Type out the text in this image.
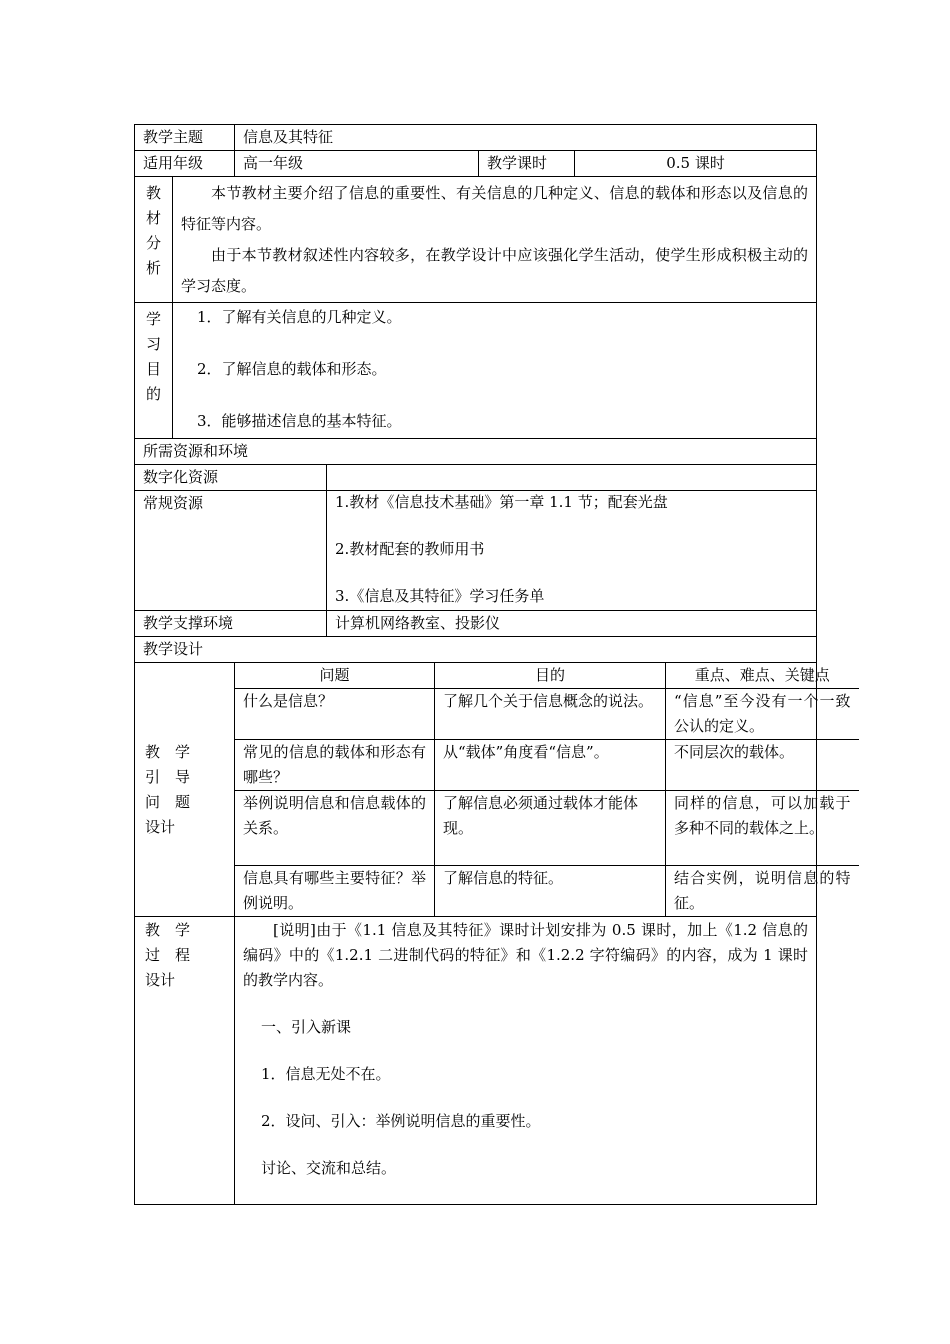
教学主题	信息及其特征
适用年级	高一年级	教学课时	0.5 课时

教
材
分
析

本节教材主要介绍了信息的重要性、有关信息的几种定义、信息的载体和形态以及信息的特征等内容。

由于本节教材叙述性内容较多，在教学设计中应该强化学生活动，使学生形成积极主动的学习态度。

学
习
目
的

1．了解有关信息的几种定义。

2．了解信息的载体和形态。

3．能够描述信息的基本特征。

所需资源和环境
数字化资源	
常规资源	1.教材《信息技术基础》第一章 1.1 节；配套光盘

2.教材配套的教师用书

3.《信息及其特征》学习任务单

教学支撑环境	计算机网络教室、投影仪
教学设计

教　学

引　导

问　题

设计

问题	目的	重点、难点、关键点
什么是信息？	了解几个关于信息概念的说法。	“信息”至今没有一个一致公认的定义。
常见的信息的载体和形态有哪些？	从“载体”角度看“信息”。	不同层次的载体。
举例说明信息和信息载体的关系。	了解信息必须通过载体才能体现。	同样的信息，可以加载于多种不同的载体之上。
信息具有哪些主要特征？举例说明。	了解信息的特征。	结合实例，说明信息的特征。

教　学

过　程

设计

[说明]由于《1.1 信息及其特征》课时计划安排为 0.5 课时，加上《1.2 信息的编码》中的《1.2.1 二进制代码的特征》和《1.2.2 字符编码》的内容，成为 1 课时的教学内容。

一、引入新课

1．信息无处不在。

2．设问、引入：举例说明信息的重要性。

讨论、交流和总结。
